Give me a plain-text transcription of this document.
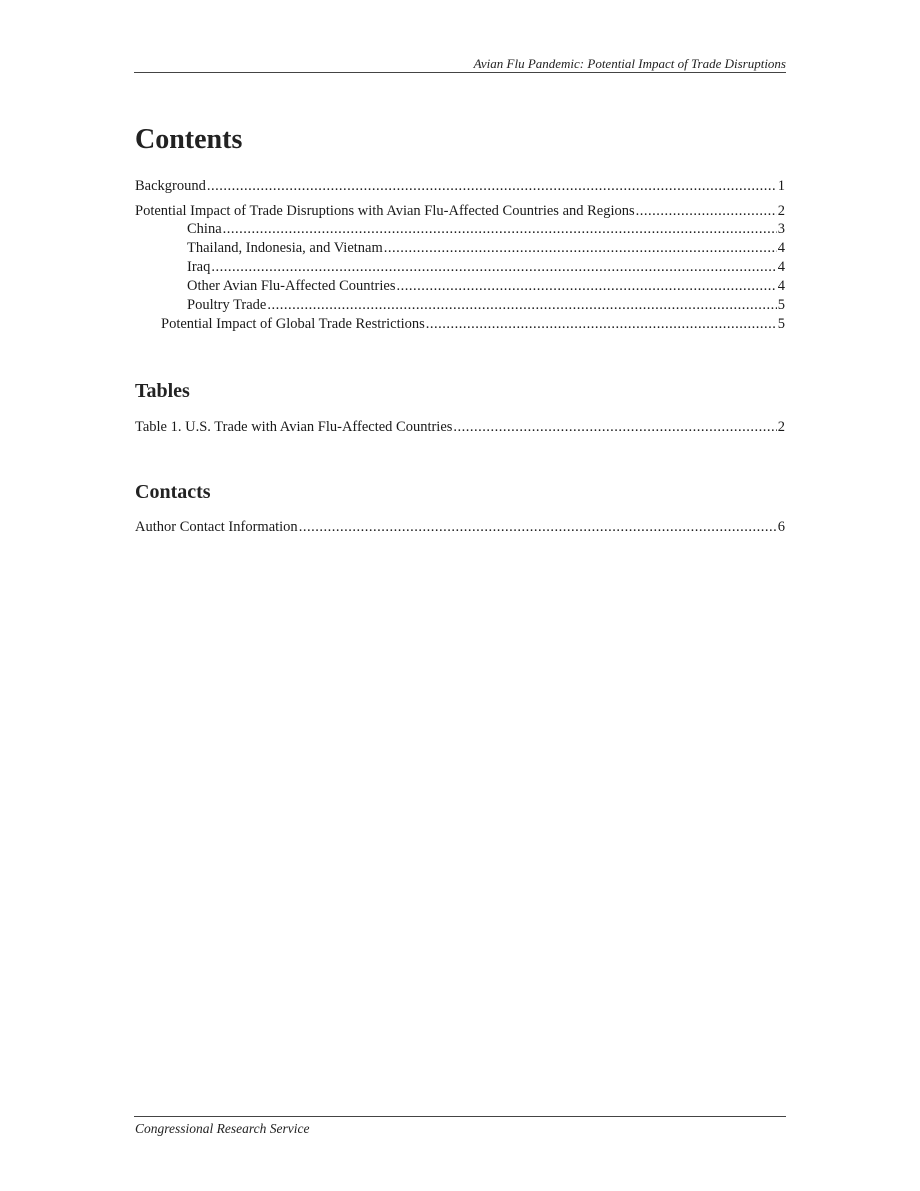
Avian Flu Pandemic: Potential Impact of Trade Disruptions
Contents
Background .....	1
Potential Impact of Trade Disruptions with Avian Flu-Affected Countries and Regions .....	2
China .....	3
Thailand, Indonesia, and Vietnam .....	4
Iraq .....	4
Other Avian Flu-Affected Countries .....	4
Poultry Trade .....	5
Potential Impact of Global Trade Restrictions .....	5
Tables
Table 1. U.S. Trade with Avian Flu-Affected Countries .....	2
Contacts
Author Contact Information .....	6
Congressional Research Service
